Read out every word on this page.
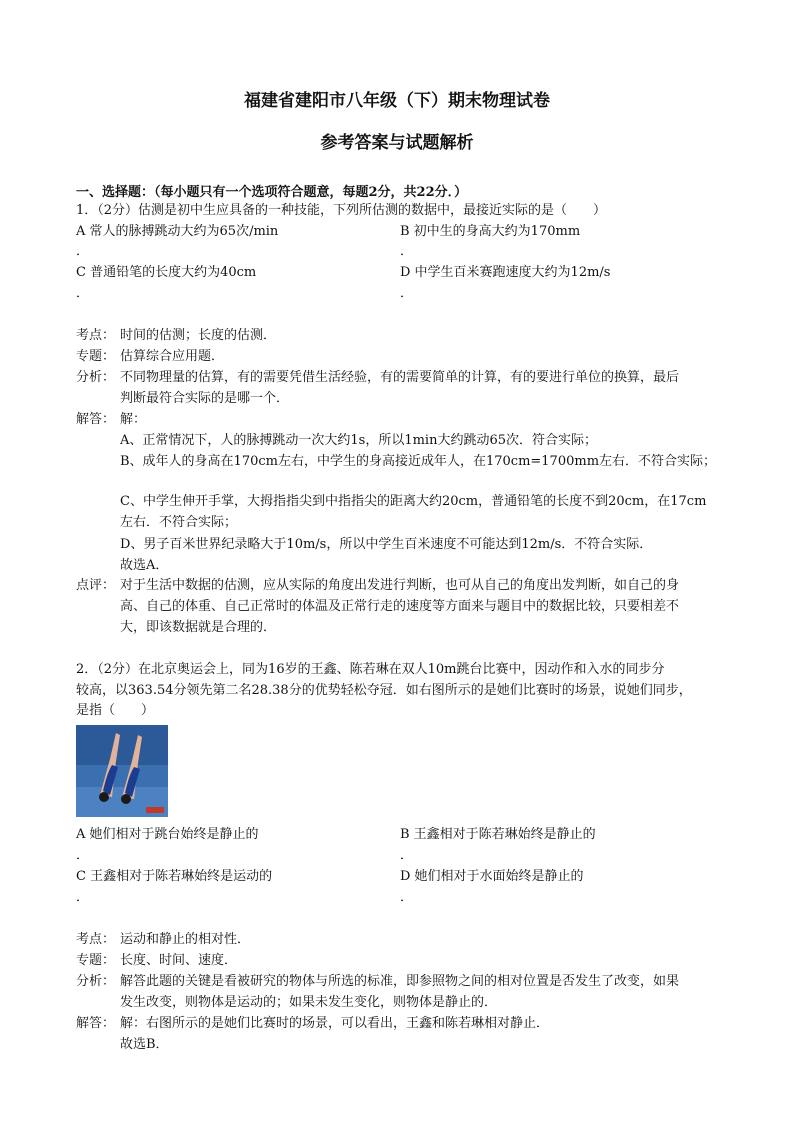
福建省建阳市八年级（下）期末物理试卷
参考答案与试题解析
一、选择题：（每小题只有一个选项符合题意，每题2分，共22分．）
1．（2分）估测是初中生应具备的一种技能，下列所估测的数据中，最接近实际的是（　　）
A 常人的脉搏跳动大约为65次/min	B 初中生的身高大约为170mm
．	．
C 普通铅笔的长度大约为40cm	D 中学生百米赛跑速度大约为12m/s
．	．
考点： 时间的估测；长度的估测．
专题： 估算综合应用题．
分析： 不同物理量的估算，有的需要凭借生活经验，有的需要简单的计算，有的要进行单位的换算，最后
判断最符合实际的是哪一个．
解答： 解：
A、正常情况下，人的脉搏跳动一次大约1s，所以1min大约跳动65次．符合实际；
B、成年人的身高在170cm左右，中学生的身高接近成年人，在170cm=1700mm左右．不符合实际；
C、中学生伸开手掌，大拇指指尖到中指指尖的距离大约20cm，普通铅笔的长度不到20cm，在17cm
左右．不符合实际；
D、男子百米世界纪录略大于10m/s，所以中学生百米速度不可能达到12m/s．不符合实际．
故选A．
点评： 对于生活中数据的估测，应从实际的角度出发进行判断，也可从自己的角度出发判断，如自己的身
高、自己的体重、自己正常时的体温及正常行走的速度等方面来与题目中的数据比较，只要相差不
大，即该数据就是合理的．
2．（2分）在北京奥运会上，同为16岁的王鑫、陈若琳在双人10m跳台比赛中，因动作和入水的同步分
较高，以363.54分领先第二名28.38分的优势轻松夺冠．如右图所示的是她们比赛时的场景，说她们同步，
是指（　　）
A 她们相对于跳台始终是静止的	B 王鑫相对于陈若琳始终是静止的
．	．
C 王鑫相对于陈若琳始终是运动的	D 她们相对于水面始终是静止的
．	．
考点： 运动和静止的相对性．
专题： 长度、时间、速度．
分析： 解答此题的关键是看被研究的物体与所选的标准，即参照物之间的相对位置是否发生了改变，如果
发生改变，则物体是运动的；如果未发生变化，则物体是静止的．
解答： 解：右图所示的是她们比赛时的场景，可以看出，王鑫和陈若琳相对静止．
故选B．
